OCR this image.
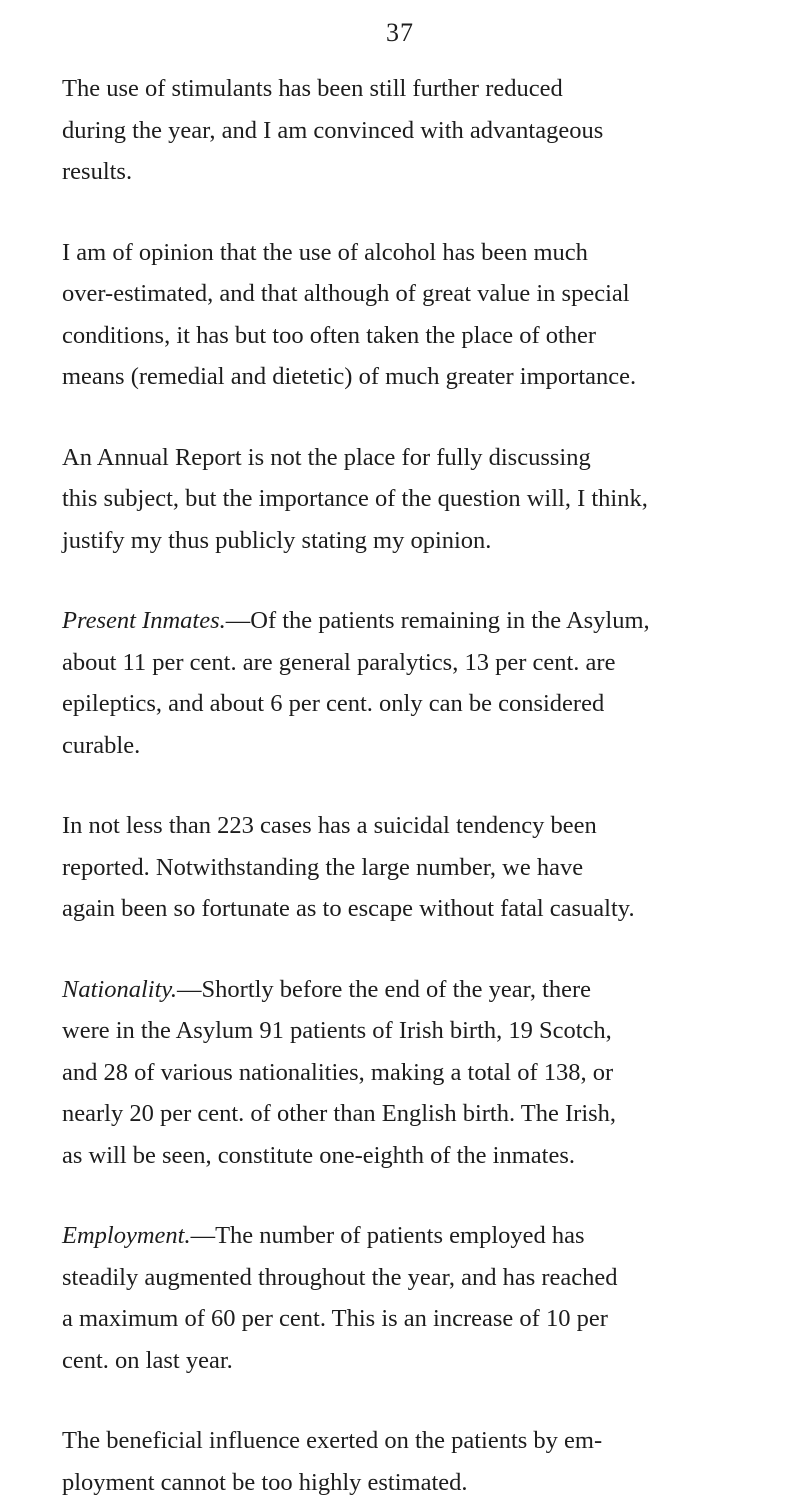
37

The use of stimulants has been still further reduced
during the year, and I am convinced with advantageous
results.

I am of opinion that the use of alcohol has been much
over-estimated, and that although of great value in special
conditions, it has but too often taken the place of other
means (remedial and dietetic) of much greater importance.

An Annual Report is not the place for fully discussing
this subject, but the importance of the question will, I think,
justify my thus publicly stating my opinion.

Present Inmates.—Of the patients remaining in the Asylum,
about 11 per cent. are general paralytics, 13 per cent. are
epileptics, and about 6 per cent. only can be considered
curable.

In not less than 223 cases has a suicidal tendency been
reported. Notwithstanding the large number, we have
again been so fortunate as to escape without fatal casualty.

Nationality.—Shortly before the end of the year, there
were in the Asylum 91 patients of Irish birth, 19 Scotch,
and 28 of various nationalities, making a total of 138, or
nearly 20 per cent. of other than English birth. The Irish,
as will be seen, constitute one-eighth of the inmates.

Employment.—The number of patients employed has
steadily augmented throughout the year, and has reached
a maximum of 60 per cent. This is an increase of 10 per
cent. on last year.

The beneficial influence exerted on the patients by em-
ployment cannot be too highly estimated.
